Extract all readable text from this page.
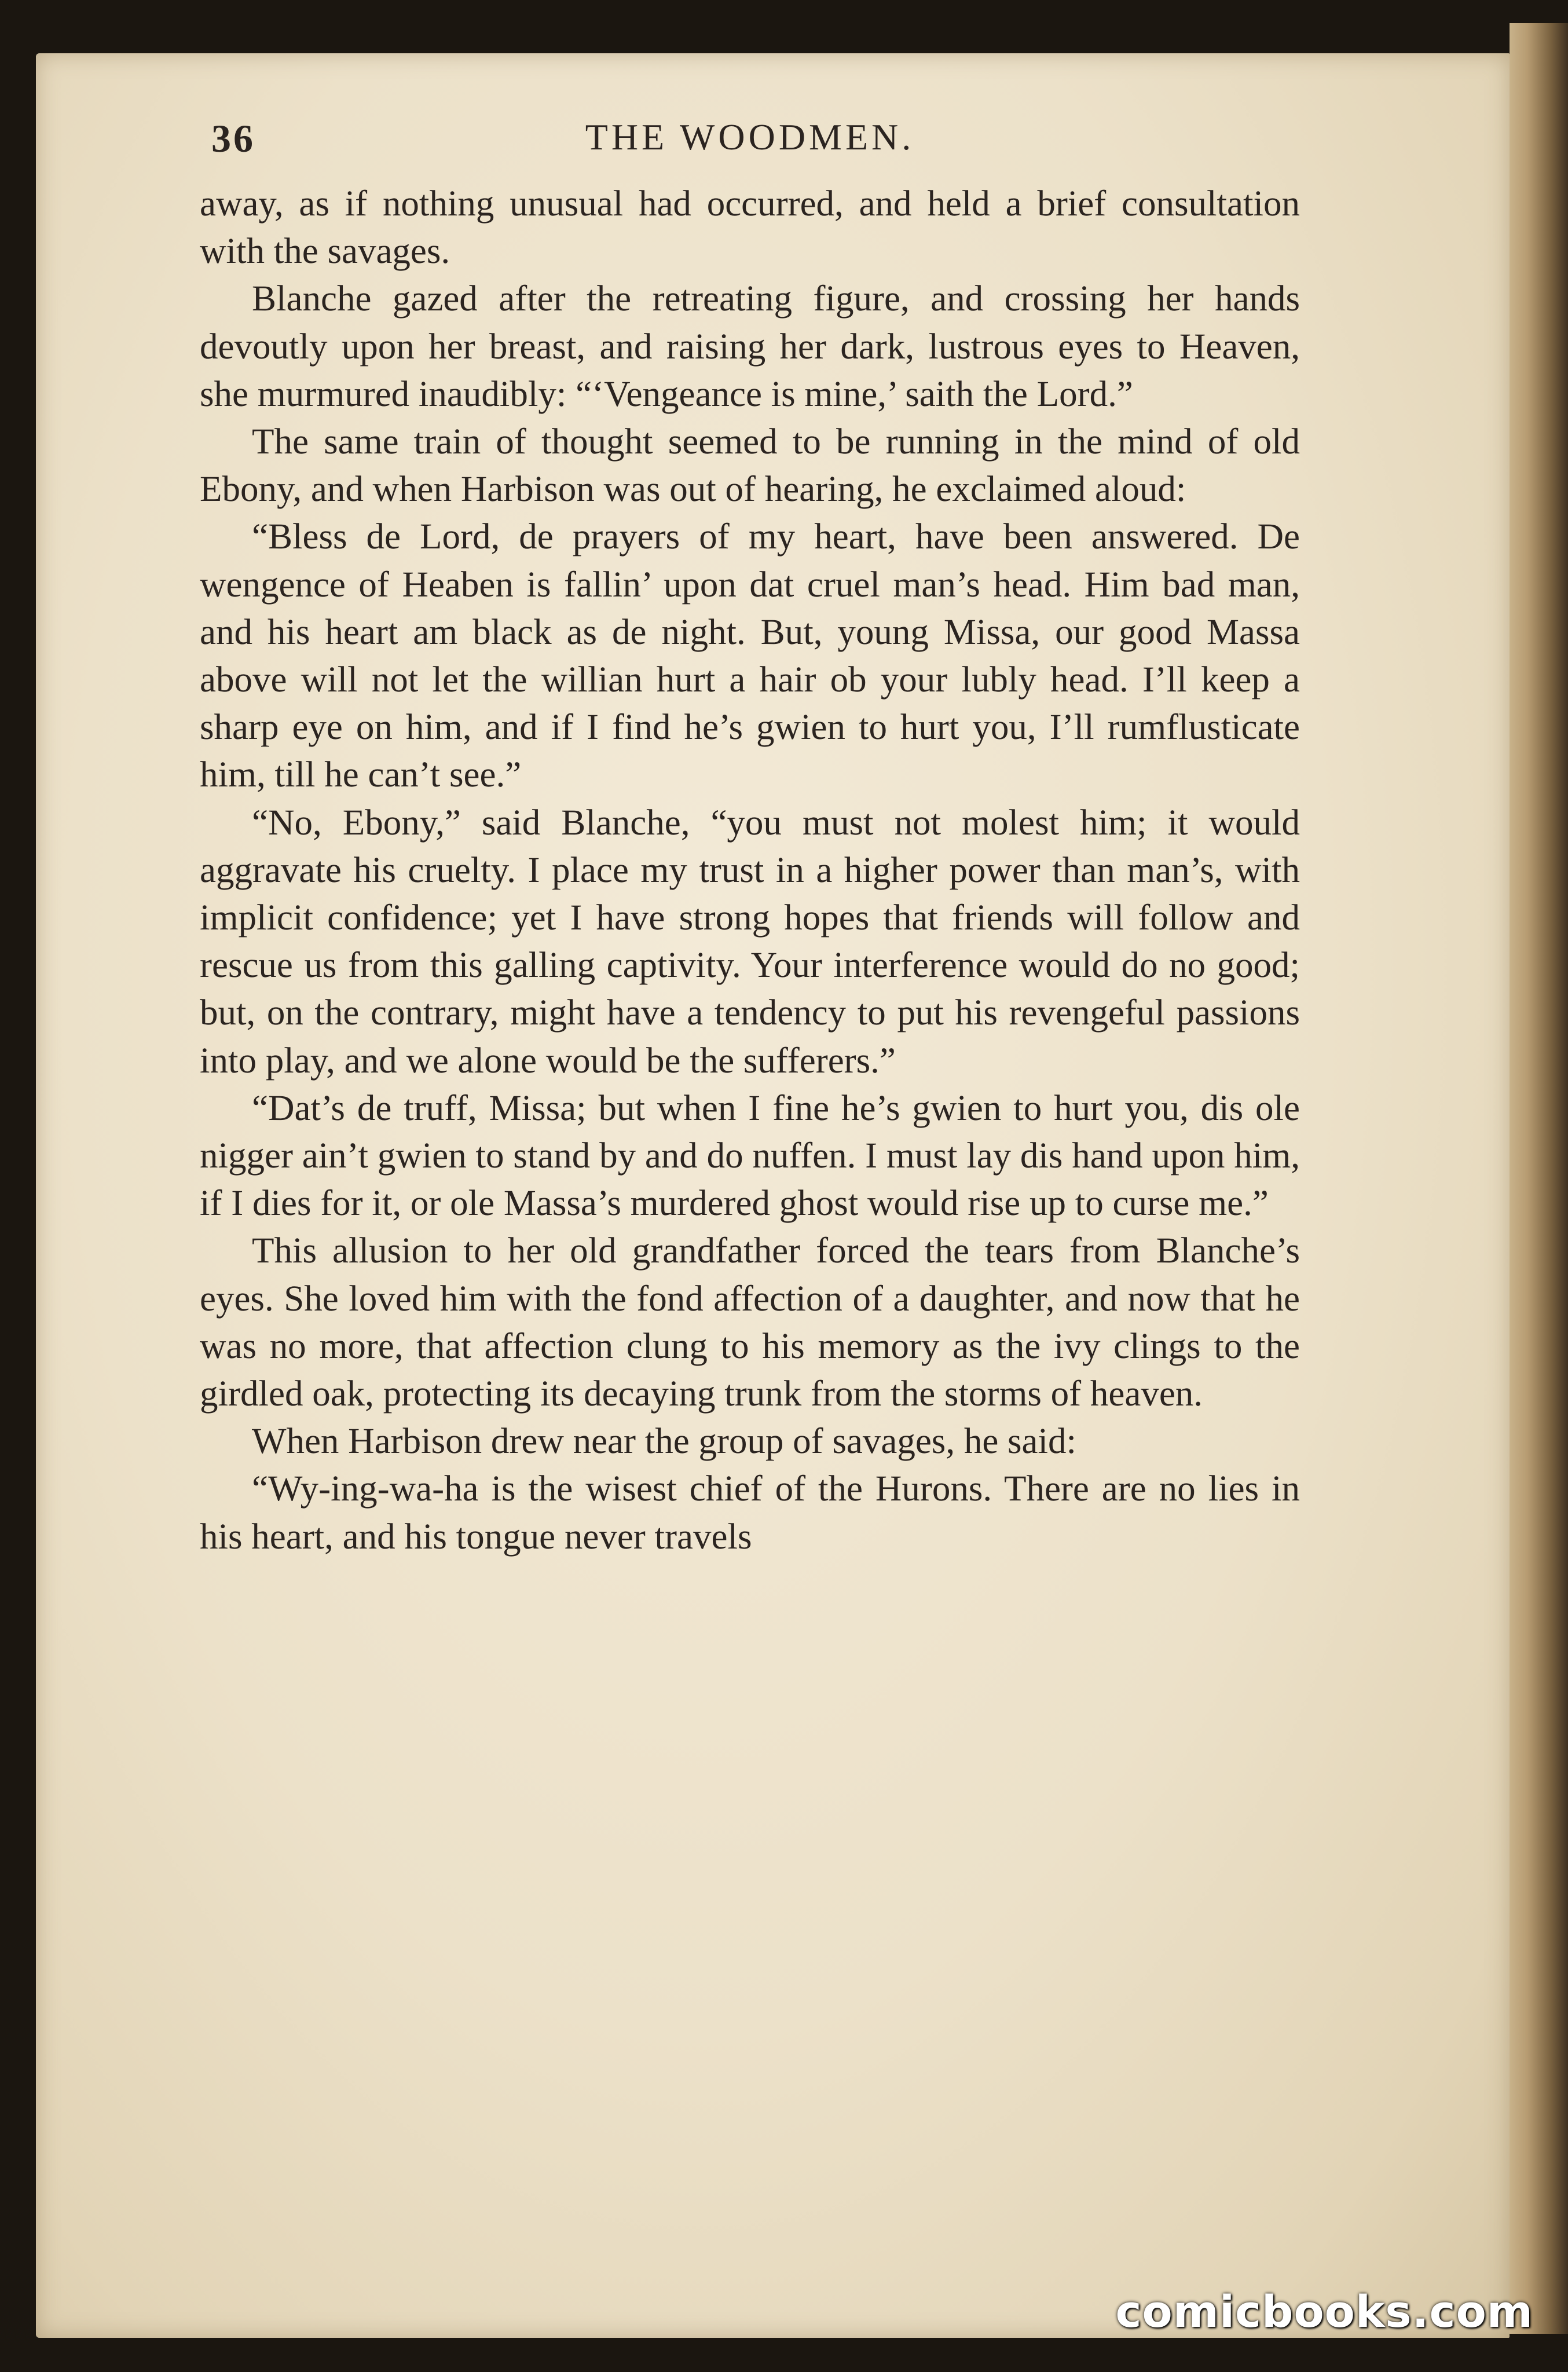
36	THE WOODMEN.

away, as if nothing unusual had occurred, and held a brief consultation with the savages.

Blanche gazed after the retreating figure, and crossing her hands devoutly upon her breast, and raising her dark, lustrous eyes to Heaven, she murmured inaudibly: “‘Vengeance is mine,’ saith the Lord.”

The same train of thought seemed to be running in the mind of old Ebony, and when Harbison was out of hearing, he exclaimed aloud:

“Bless de Lord, de prayers of my heart, have been answered. De wengence of Heaben is fallin’ upon dat cruel man’s head. Him bad man, and his heart am black as de night. But, young Missa, our good Massa above will not let the willian hurt a hair ob your lubly head. I’ll keep a sharp eye on him, and if I find he’s gwien to hurt you, I’ll rumflusticate him, till he can’t see.”

“No, Ebony,” said Blanche, “you must not molest him; it would aggravate his cruelty. I place my trust in a higher power than man’s, with implicit confidence; yet I have strong hopes that friends will follow and rescue us from this galling captivity. Your interference would do no good; but, on the contrary, might have a tendency to put his revengeful passions into play, and we alone would be the sufferers.”

“Dat’s de truff, Missa; but when I fine he’s gwien to hurt you, dis ole nigger ain’t gwien to stand by and do nuffen. I must lay dis hand upon him, if I dies for it, or ole Massa’s murdered ghost would rise up to curse me.”

This allusion to her old grandfather forced the tears from Blanche’s eyes. She loved him with the fond affection of a daughter, and now that he was no more, that affection clung to his memory as the ivy clings to the girdled oak, protecting its decaying trunk from the storms of heaven.

When Harbison drew near the group of savages, he said:

“Wy-ing-wa-ha is the wisest chief of the Hurons. There are no lies in his heart, and his tongue never travels

comicbooks.com
